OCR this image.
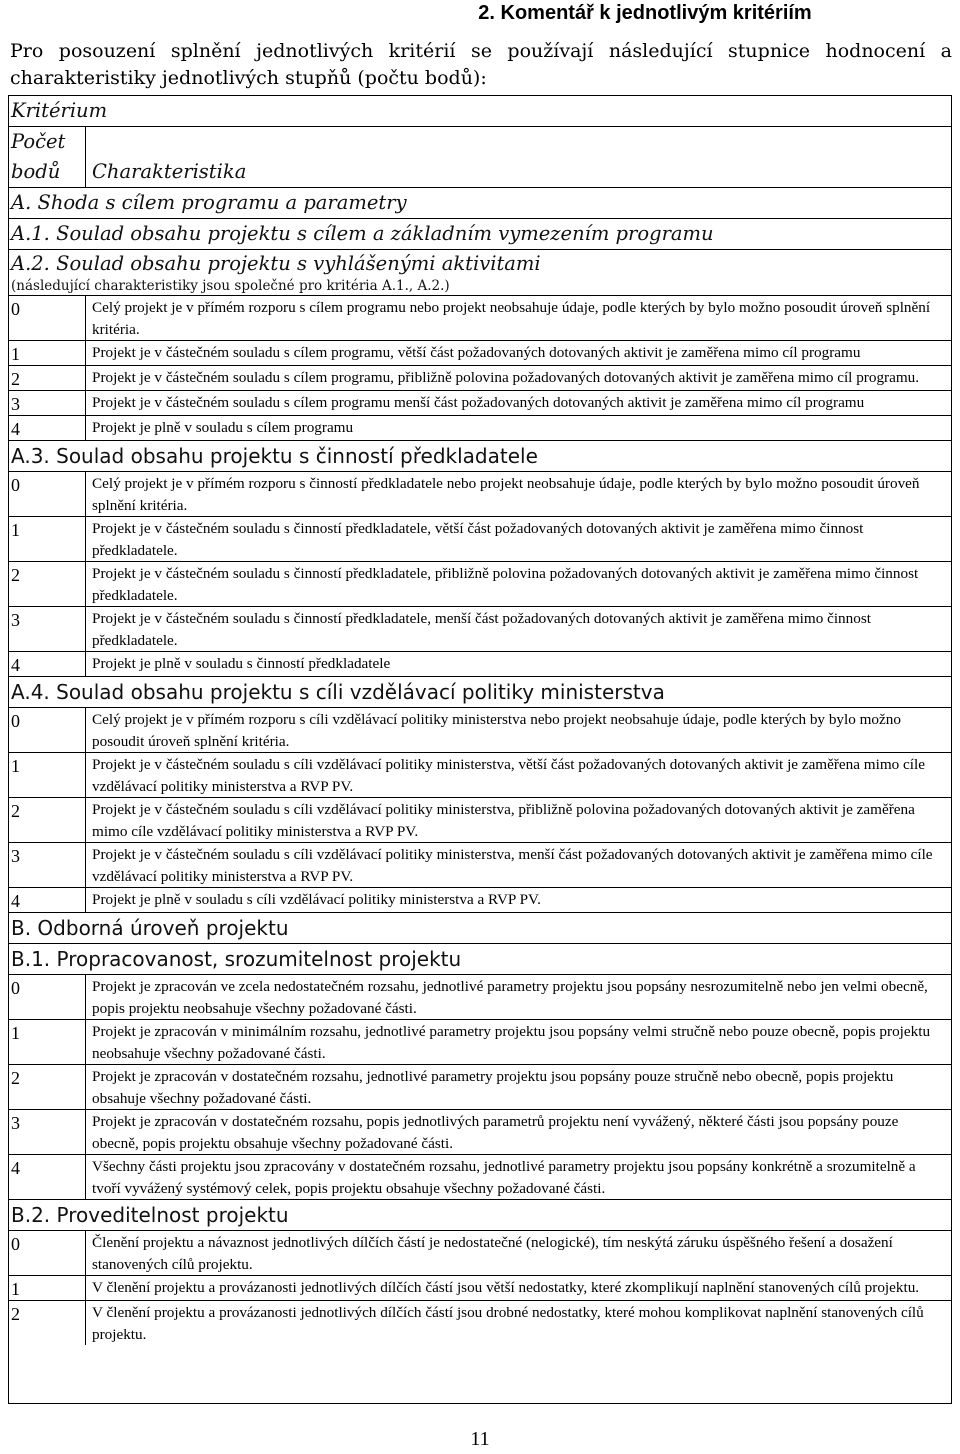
2. Komentář k jednotlivým kritériím
Pro posouzení splnění jednotlivých kritérií se používají následující stupnice hodnocení a charakteristiky jednotlivých stupňů (počtu bodů):
Kritérium
Počet
bodů	Charakteristika
A. Shoda s cílem programu a parametry
A.1. Soulad obsahu projektu s cílem a základním vymezením programu
A.2. Soulad obsahu projektu s vyhlášenými aktivitami
(následující charakteristiky jsou společné pro kritéria A.1., A.2.)
0	Celý projekt je v přímém rozporu s cílem programu nebo projekt neobsahuje údaje, podle kterých by bylo možno posoudit úroveň splnění kritéria.
1	Projekt je v částečném souladu s cílem programu, větší část požadovaných dotovaných aktivit je zaměřena mimo cíl programu
2	Projekt je v částečném souladu s cílem programu, přibližně polovina požadovaných dotovaných aktivit je zaměřena mimo cíl programu.
3	Projekt je v částečném souladu s cílem programu menší část požadovaných dotovaných aktivit je zaměřena mimo cíl programu
4	Projekt je plně v souladu s cílem programu
A.3. Soulad obsahu projektu s činností předkladatele
0	Celý projekt je v přímém rozporu s činností předkladatele nebo projekt neobsahuje údaje, podle kterých by bylo možno posoudit úroveň splnění kritéria.
1	Projekt je v částečném souladu s činností předkladatele, větší část požadovaných dotovaných aktivit je zaměřena mimo činnost předkladatele.
2	Projekt je v částečném souladu s činností předkladatele, přibližně polovina požadovaných dotovaných aktivit je zaměřena mimo činnost předkladatele.
3	Projekt je v částečném souladu s činností předkladatele, menší část požadovaných dotovaných aktivit je zaměřena mimo činnost předkladatele.
4	Projekt je plně v souladu s činností předkladatele
A.4. Soulad obsahu projektu s cíli vzdělávací politiky ministerstva
0	Celý projekt je v přímém rozporu s cíli vzdělávací politiky ministerstva nebo projekt neobsahuje údaje, podle kterých by bylo možno posoudit úroveň splnění kritéria.
1	Projekt je v částečném souladu s cíli vzdělávací politiky ministerstva, větší část požadovaných dotovaných aktivit je zaměřena mimo cíle vzdělávací politiky ministerstva a RVP PV.
2	Projekt je v částečném souladu s cíli vzdělávací politiky ministerstva, přibližně polovina požadovaných dotovaných aktivit je zaměřena mimo cíle vzdělávací politiky ministerstva a RVP PV.
3	Projekt je v částečném souladu s cíli vzdělávací politiky ministerstva, menší část požadovaných dotovaných aktivit je zaměřena mimo cíle vzdělávací politiky ministerstva a RVP PV.
4	Projekt je plně v souladu s cíli vzdělávací politiky ministerstva a RVP PV.
B. Odborná úroveň projektu
B.1. Propracovanost, srozumitelnost projektu
0	Projekt je zpracován ve zcela nedostatečném rozsahu, jednotlivé parametry projektu jsou popsány nesrozumitelně nebo jen velmi obecně, popis projektu neobsahuje všechny požadované části.
1	Projekt je zpracován v minimálním rozsahu, jednotlivé parametry projektu jsou popsány velmi stručně nebo pouze obecně, popis projektu neobsahuje všechny požadované části.
2	Projekt je zpracován v dostatečném rozsahu, jednotlivé parametry projektu jsou popsány pouze stručně nebo obecně, popis projektu obsahuje všechny požadované části.
3	Projekt je zpracován v dostatečném rozsahu, popis jednotlivých parametrů projektu není vyvážený, některé části jsou popsány pouze obecně, popis projektu obsahuje všechny požadované části.
4	Všechny části projektu jsou zpracovány v dostatečném rozsahu, jednotlivé parametry projektu jsou popsány konkrétně a srozumitelně a tvoří vyvážený systémový celek, popis projektu obsahuje všechny požadované části.
B.2. Proveditelnost projektu
0	Členění projektu a návaznost jednotlivých dílčích částí je nedostatečné (nelogické), tím neskýtá záruku úspěšného řešení a dosažení stanovených cílů projektu.
1	V členění projektu a provázanosti jednotlivých dílčích částí jsou větší nedostatky, které zkomplikují naplnění stanovených cílů projektu.
2	V členění projektu a provázanosti jednotlivých dílčích částí jsou drobné nedostatky, které mohou komplikovat naplnění stanovených cílů projektu.
11
